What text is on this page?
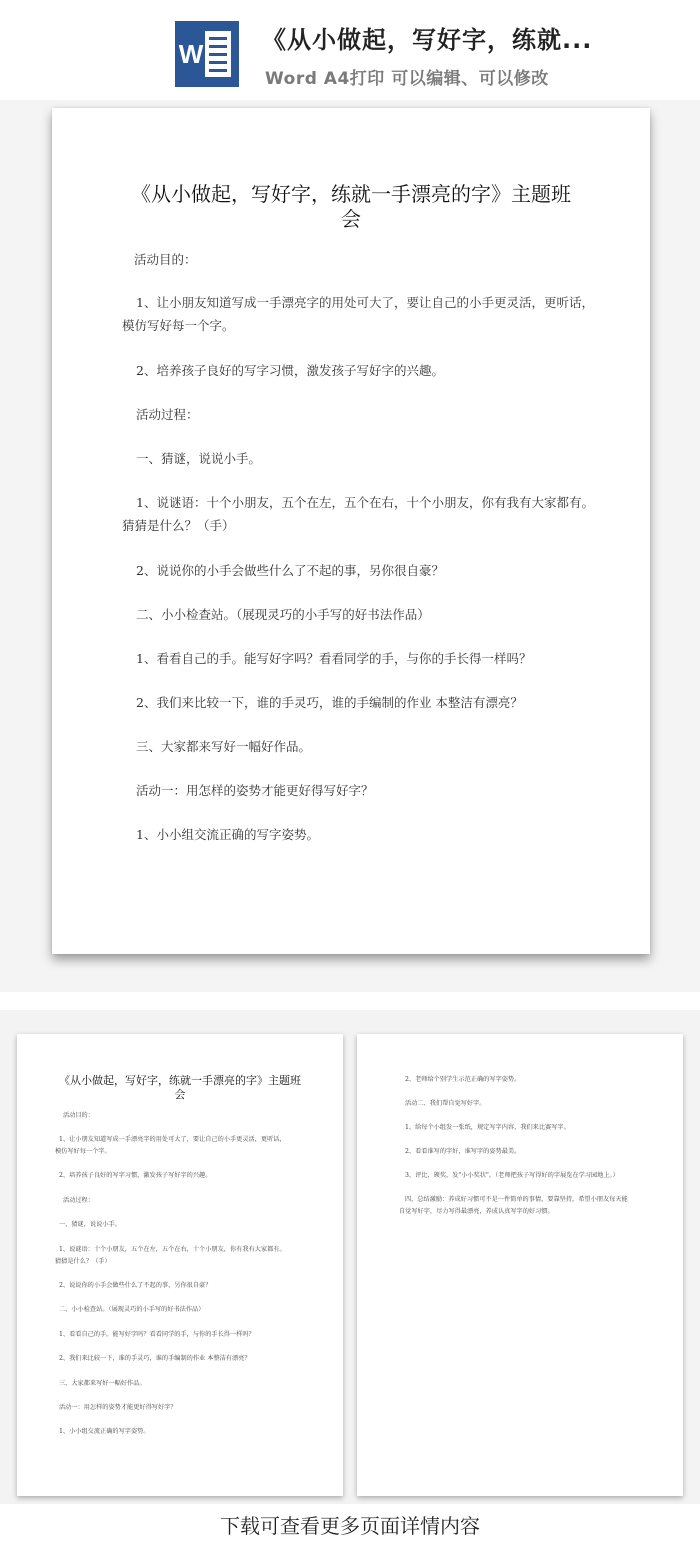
W 《从小做起，写好字，练就...
Word A4打印 可以编辑、可以修改
《从小做起，写好字，练就一手漂亮的字》主题班
会
活动目的：
1、让小朋友知道写成一手漂亮字的用处可大了，要让自己的小手更灵活，更听话，
模仿写好每一个字。
2、培养孩子良好的写字习惯，激发孩子写好字的兴趣。
活动过程：
一、猜谜，说说小手。
1、说谜语：十个小朋友，五个在左，五个在右，十个小朋友，你有我有大家都有。
猜猜是什么？（手）
2、说说你的小手会做些什么了不起的事，另你很自豪？
二、小小检查站。（展现灵巧的小手写的好书法作品）
1、看看自己的手。能写好字吗？看看同学的手，与你的手长得一样吗？
2、我们来比较一下，谁的手灵巧，谁的手编制的作业 本整洁有漂亮？
三、大家都来写好一幅好作品。
活动一：用怎样的姿势才能更好得写好字？
1、小小组交流正确的写字姿势。
《从小做起，写好字，练就一手漂亮的字》主题班
会
活动目的：
1、让小朋友知道写成一手漂亮字的用处可大了，要让自己的小手更灵活，更听话，
模仿写好每一个字。
2、培养孩子良好的写字习惯，激发孩子写好字的兴趣。
活动过程：
一、猜谜，说说小手。
1、说谜语：十个小朋友，五个在左，五个在右，十个小朋友，你有我有大家都有。
猜猜是什么？（手）
2、说说你的小手会做些什么了不起的事，另你很自豪？
二、小小检查站。（展现灵巧的小手写的好书法作品）
1、看看自己的手。能写好字吗？看看同学的手，与你的手长得一样吗？
2、我们来比较一下，谁的手灵巧，谁的手编制的作业 本整洁有漂亮？
三、大家都来写好一幅好作品。
活动一：用怎样的姿势才能更好得写好字？
1、小小组交流正确的写字姿势。
2、老师给个别学生示范正确的写字姿势。
活动二、我们帮自觉写好字。
1、给每个小组发一张纸，规定写字内容，我们来比赛写字。
2、看看谁写的字好，谁写字的姿势最美。
3、评比，颁奖，发"小小奖状"。（老师把孩子写得好的字展览在学习园地上。）
四、总结激励：养成好习惯可不是一件简单的事情，要靠坚持，希望小朋友每天能
自觉写好字，尽力写得最漂亮，养成认真写字的好习惯。
下载可查看更多页面详情内容
